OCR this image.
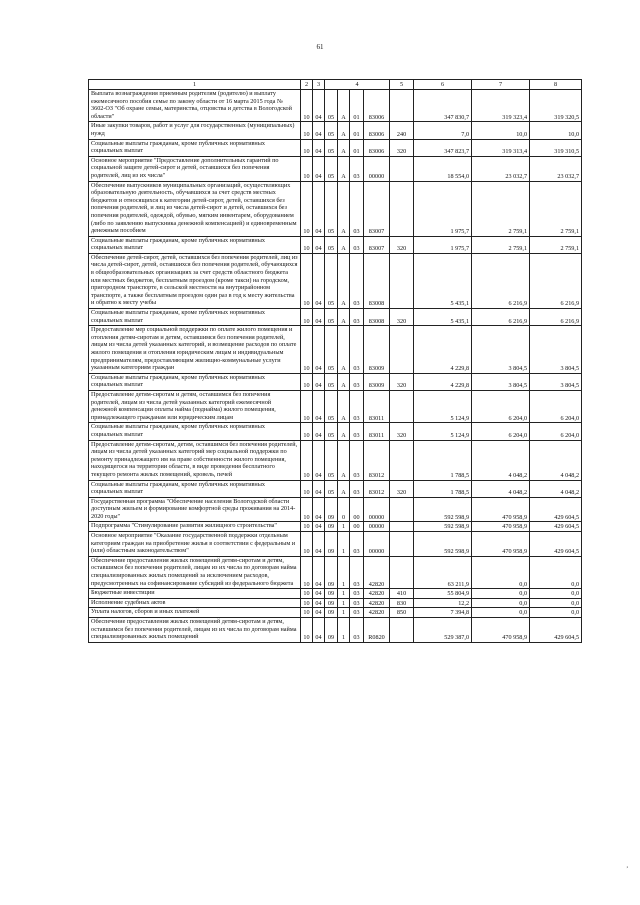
61
1	2	3	4				5	6	7	8
Выплата вознаграждения приемным родителям (родителю) и выплату ежемесячного пособия семье по закону области от 16 марта 2015 года № 3602-ОЗ "Об охране семьи, материнства, отцовства и детства в Вологодской области"	10	04	05	А	01	83006		347 830,7	319 323,4	319 320,5
Иные закупки товаров, работ и услуг для государственных (муниципальных) нужд	10	04	05	А	01	83006	240	7,0	10,0	10,0
Социальные выплаты гражданам, кроме публичных нормативных социальных выплат	10	04	05	А	01	83006	320	347 823,7	319 313,4	319 310,5
Основное мероприятие "Предоставление дополнительных гарантий по социальной защите детей-сирот и детей, оставшихся без попечения родителей, лиц из их числа"	10	04	05	А	03	00000		18 554,0	23 032,7	23 032,7
Обеспечение выпускников муниципальных организаций, осуществляющих образовательную деятельность, обучавшихся за счет средств местных бюджетов и относящихся к категории детей-сирот, детей, оставшихся без попечения родителей, и лиц из числа детей-сирот и детей, оставшихся без попечения родителей, одеждой, обувью, мягким инвентарем, оборудованием (либо по заявлению выпускника денежной компенсацией) и единовременным денежным пособием	10	04	05	А	03	83007		1 975,7	2 759,1	2 759,1
Социальные выплаты гражданам, кроме публичных нормативных социальных выплат	10	04	05	А	03	83007	320	1 975,7	2 759,1	2 759,1
Обеспечение детей-сирот, детей, оставшихся без попечения родителей, лиц из числа детей-сирот, детей, оставшихся без попечения родителей, обучающихся в общеобразовательных организациях за счет средств областного бюджета или местных бюджетов, бесплатным проездом (кроме такси) на городском, пригородном транспорте, в сельской местности на внутрирайонном транспорте, а также бесплатным проездом один раз в год к месту жительства и обратно к месту учебы	10	04	05	А	03	83008		5 435,1	6 216,9	6 216,9
Социальные выплаты гражданам, кроме публичных нормативных социальных выплат	10	04	05	А	03	83008	320	5 435,1	6 216,9	6 216,9
Предоставление мер социальной поддержки по оплате жилого помещения и отопления детям-сиротам и детям, оставшимся без попечения родителей, лицам из числа детей указанных категорий, и возмещение расходов по оплате жилого помещения и отопления юридическим лицам и индивидуальным предпринимателям, предоставляющим жилищно-коммунальные услуги указанным категориям граждан	10	04	05	А	03	83009		4 229,8	3 804,5	3 804,5
Социальные выплаты гражданам, кроме публичных нормативных социальных выплат	10	04	05	А	03	83009	320	4 229,8	3 804,5	3 804,5
Предоставление детям-сиротам и детям, оставшимся без попечения родителей, лицам из числа детей указанных категорий ежемесячной денежной компенсации оплаты найма (поднайма) жилого помещения, принадлежащего гражданам или юридическим лицам	10	04	05	А	03	83011		5 124,9	6 204,0	6 204,0
Социальные выплаты гражданам, кроме публичных нормативных социальных выплат	10	04	05	А	03	83011	320	5 124,9	6 204,0	6 204,0
Предоставление детям-сиротам, детям, оставшимся без попечения родителей, лицам из числа детей указанных категорий мер социальной поддержки по ремонту принадлежащего им на праве собственности жилого помещения, находящегося на территории области, в виде проведения бесплатного текущего ремонта жилых помещений, кровель, печей	10	04	05	А	03	83012		1 788,5	4 048,2	4 048,2
Социальные выплаты гражданам, кроме публичных нормативных социальных выплат	10	04	05	А	03	83012	320	1 788,5	4 048,2	4 048,2
Государственная программа "Обеспечение населения Вологодской области доступным жильем и формирование комфортной среды проживания на 2014-2020 годы"	10	04	09	0	00	00000		592 598,9	470 958,9	429 604,5
Подпрограмма "Стимулирование развития жилищного строительства"	10	04	09	1	00	00000		592 598,9	470 958,9	429 604,5
Основное мероприятие "Оказание государственной поддержки отдельным категориям граждан на приобретение жилья в соответствии с федеральным и (или) областным законодательством"	10	04	09	1	03	00000		592 598,9	470 958,9	429 604,5
Обеспечение предоставления жилых помещений детям-сиротам и детям, оставшимся без попечения родителей, лицам из их числа по договорам найма специализированных жилых помещений за исключением расходов, предусмотренных на софинансирование субсидий из федерального бюджета	10	04	09	1	03	42820		63 211,9	0,0	0,0
Бюджетные инвестиции	10	04	09	1	03	42820	410	55 804,9	0,0	0,0
Исполнение судебных актов	10	04	09	1	03	42820	830	12,2	0,0	0,0
Уплата налогов, сборов и иных платежей	10	04	09	1	03	42820	850	7 394,8	0,0	0,0
Обеспечение предоставления жилых помещений детям-сиротам и детям, оставшимся без попечения родителей, лицам из их числа по договорам найма специализированных жилых помещений	10	04	09	1	03	R0820		529 387,0	470 958,9	429 604,5
,
